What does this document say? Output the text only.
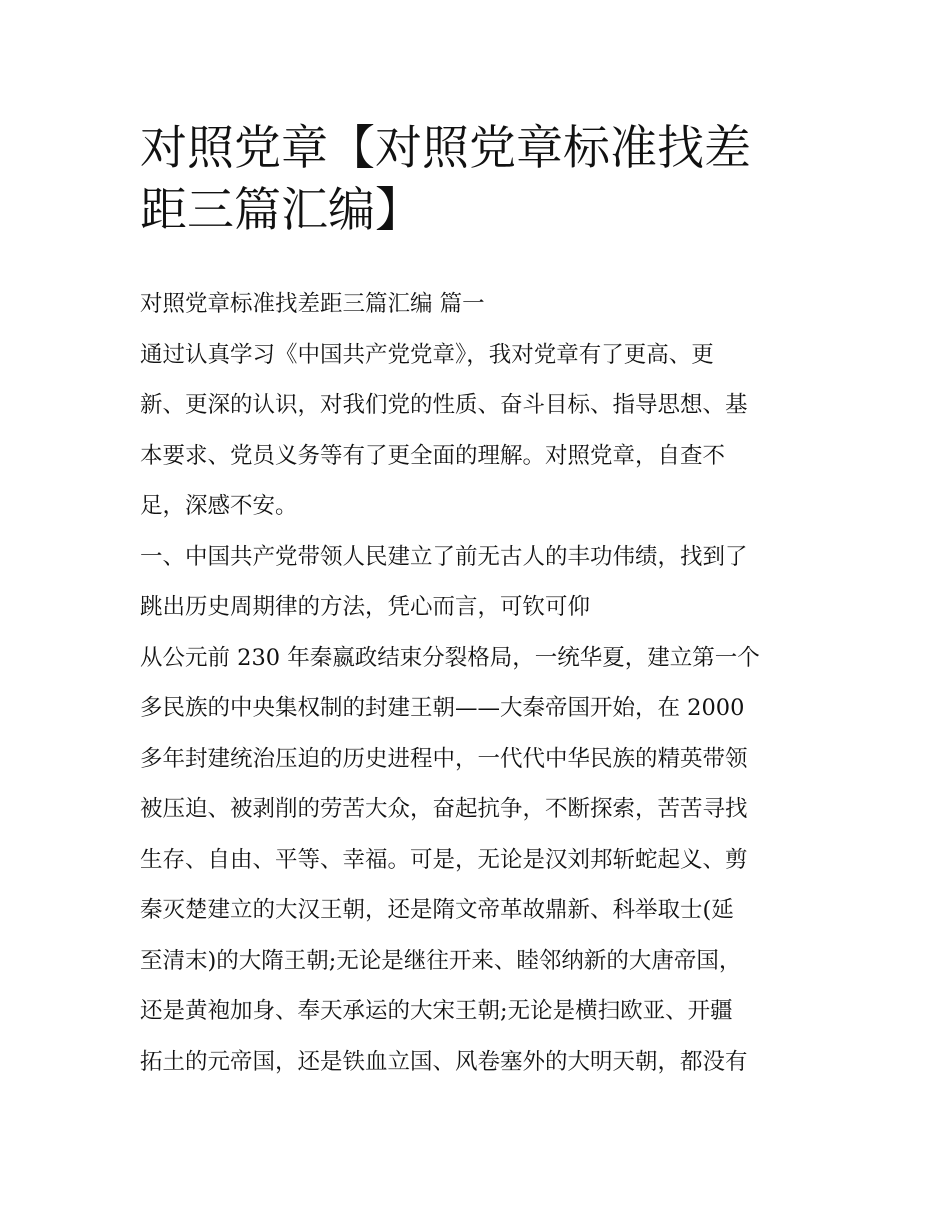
对照党章【对照党章标准找差
距三篇汇编】
对照党章标准找差距三篇汇编 篇一
通过认真学习《中国共产党党章》，我对党章有了更高、更
新、更深的认识，对我们党的性质、奋斗目标、指导思想、基
本要求、党员义务等有了更全面的理解。对照党章，自查不
足，深感不安。
一、中国共产党带领人民建立了前无古人的丰功伟绩，找到了
跳出历史周期律的方法，凭心而言，可钦可仰
从公元前 230 年秦嬴政结束分裂格局，一统华夏，建立第一个
多民族的中央集权制的封建王朝——大秦帝国开始，在 2000
多年封建统治压迫的历史进程中，一代代中华民族的精英带领
被压迫、被剥削的劳苦大众，奋起抗争，不断探索，苦苦寻找
生存、自由、平等、幸福。可是，无论是汉刘邦斩蛇起义、剪
秦灭楚建立的大汉王朝，还是隋文帝革故鼎新、科举取士(延
至清末)的大隋王朝;无论是继往开来、睦邻纳新的大唐帝国，
还是黄袍加身、奉天承运的大宋王朝;无论是横扫欧亚、开疆
拓土的元帝国，还是铁血立国、风卷塞外的大明天朝，都没有
